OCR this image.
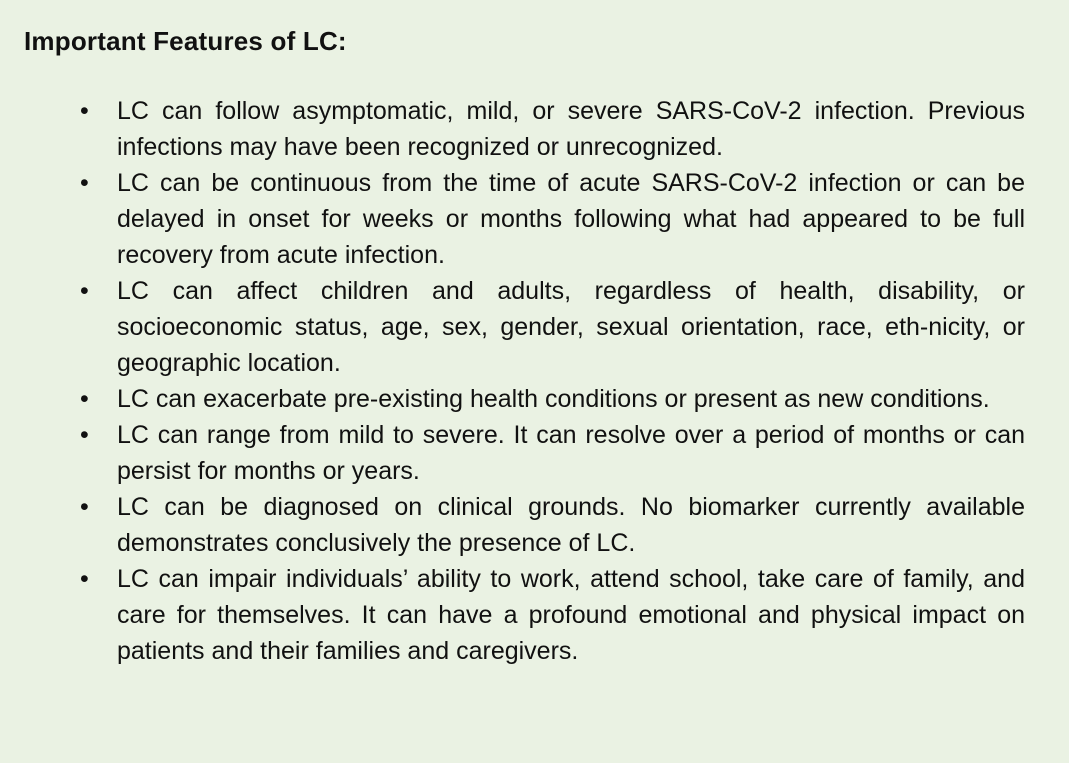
Important Features of LC:
•	LC can follow asymptomatic, mild, or severe SARS-CoV-2 infection. Previous infections may have been recognized or unrecognized.
•	LC can be continuous from the time of acute SARS-CoV-2 infection or can be delayed in onset for weeks or months following what had appeared to be full recovery from acute infection.
•	LC can affect children and adults, regardless of health, disability, or socioeconomic status, age, sex, gender, sexual orientation, race, eth-nicity, or geographic location.
•	LC can exacerbate pre-existing health conditions or present as new conditions.
•	LC can range from mild to severe. It can resolve over a period of months or can persist for months or years.
•	LC can be diagnosed on clinical grounds. No biomarker currently available demonstrates conclusively the presence of LC.
•	LC can impair individuals’ ability to work, attend school, take care of family, and care for themselves. It can have a profound emotional and physical impact on patients and their families and caregivers.
